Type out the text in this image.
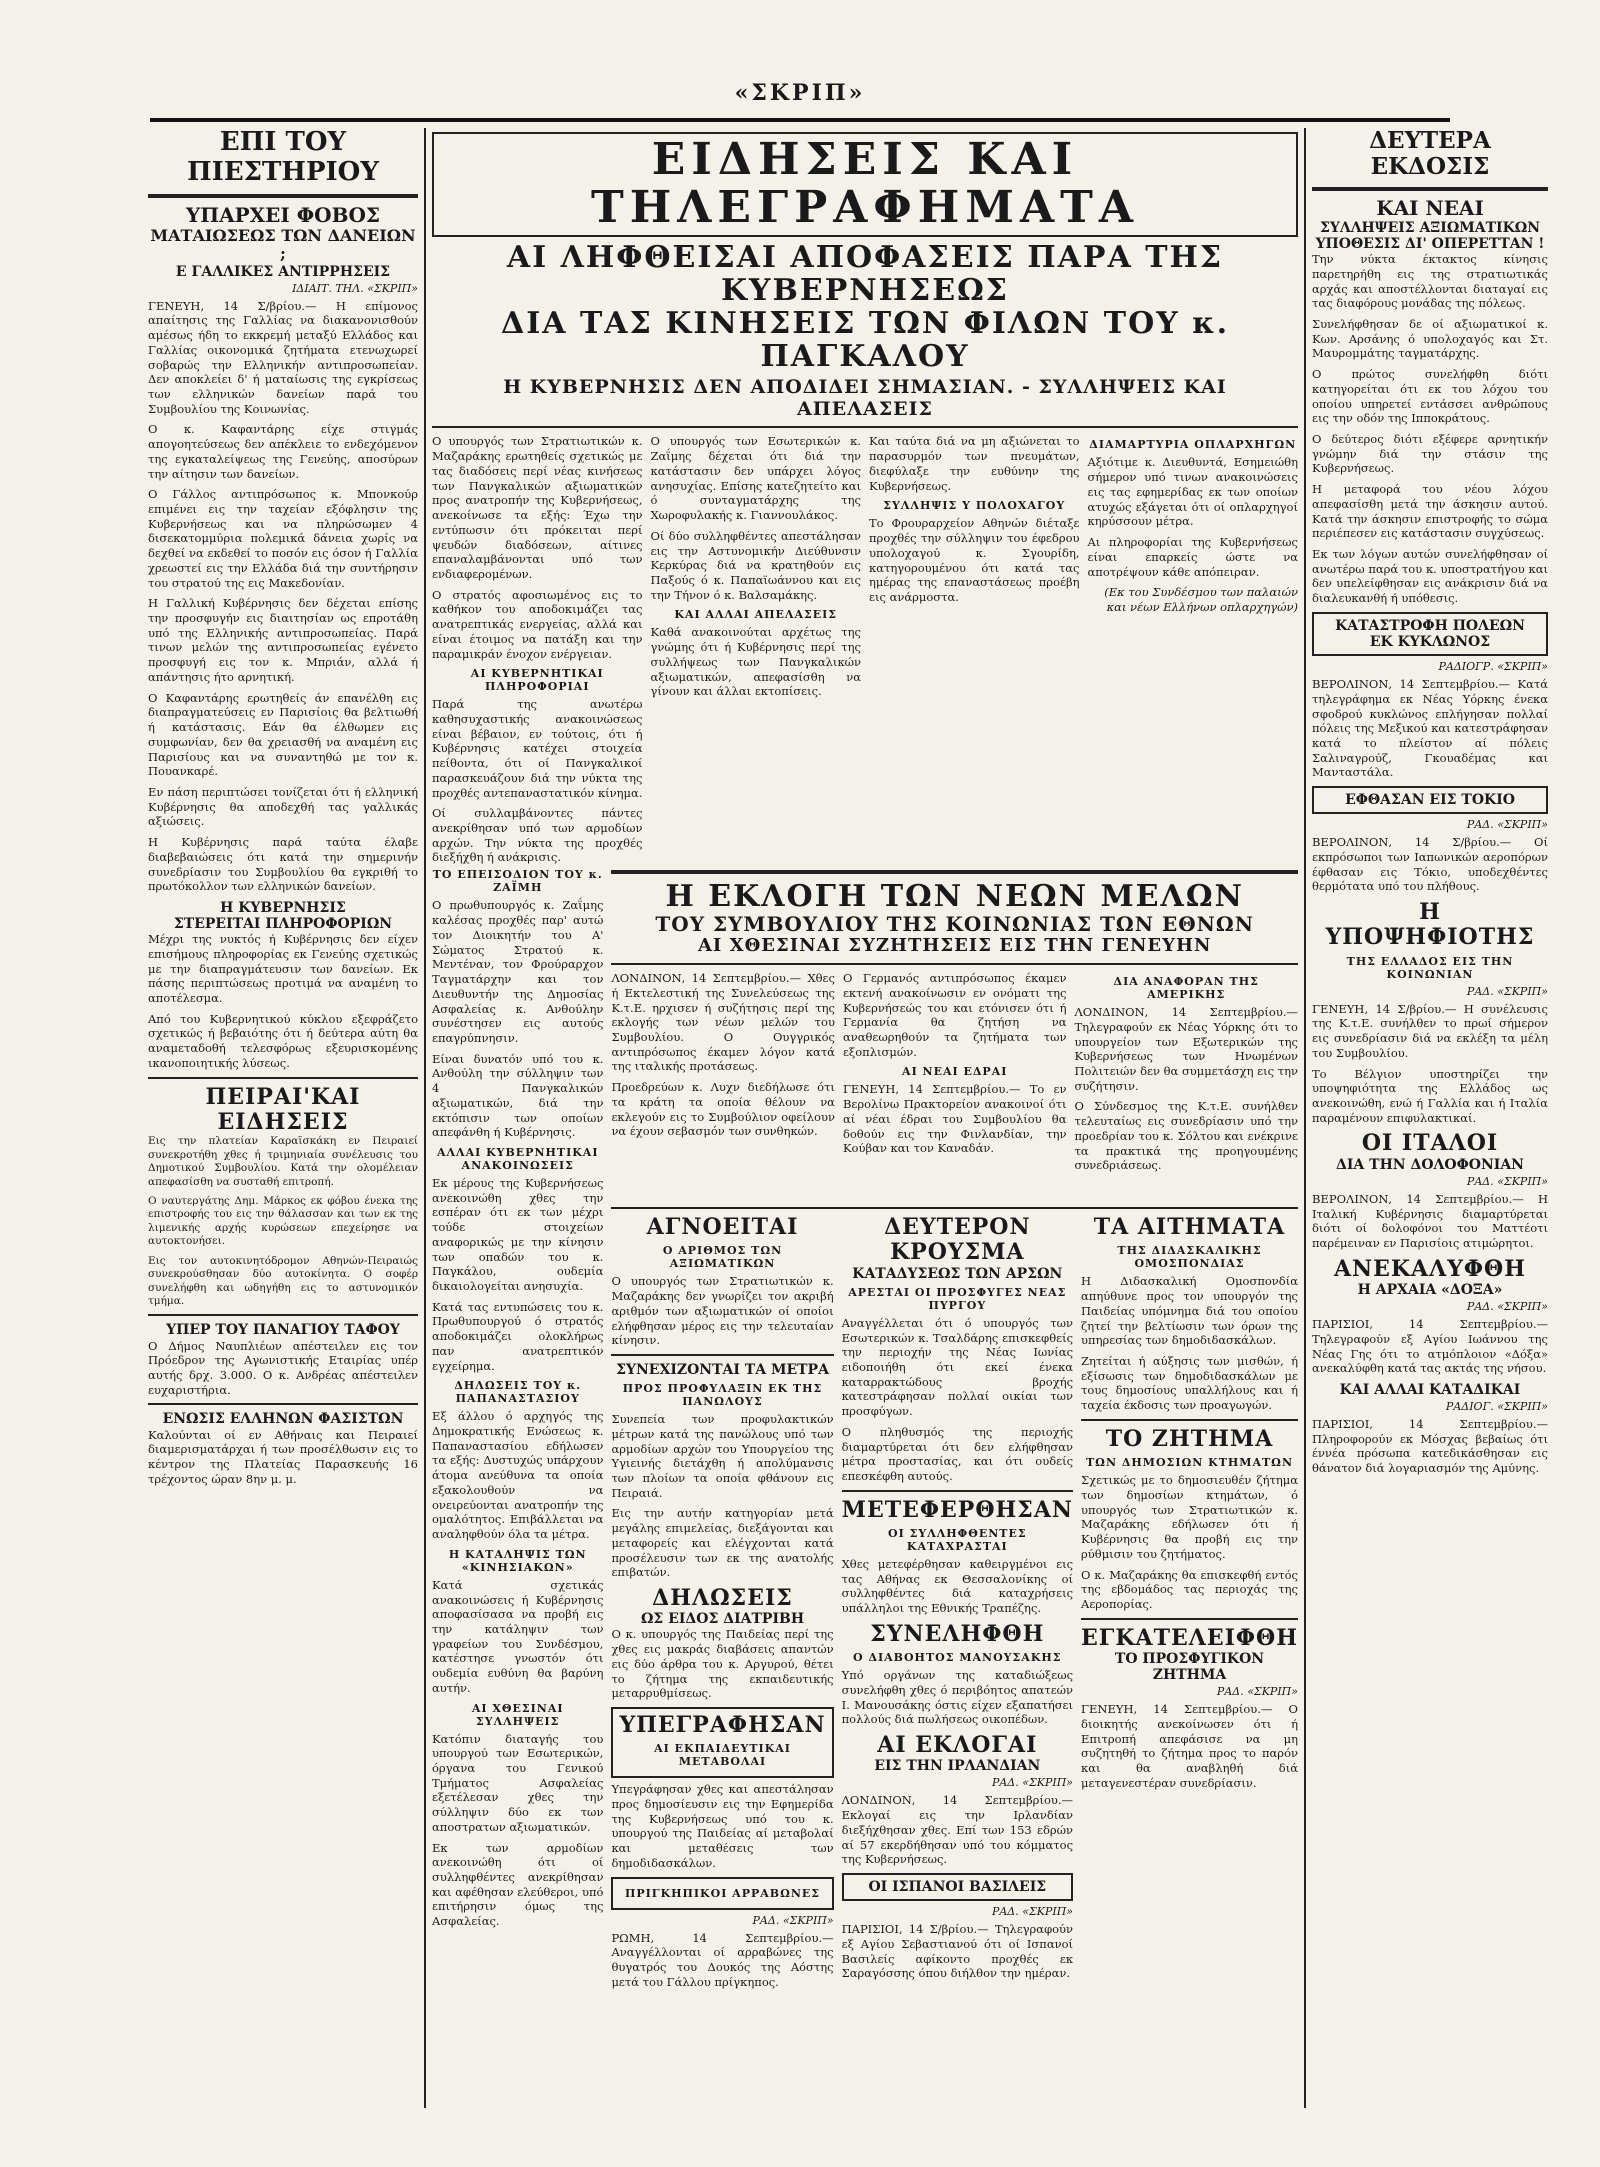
«ΣΚΡΙΠ»
ΕΠΙ ΤΟΥ ΠΙΕΣΤΗΡΙΟΥ
ΥΠΑΡΧΕΙ ΦΟΒΟΣ
ΜΑΤΑΙΩΣΕΩΣ ΤΩΝ ΔΑΝΕΙΩΝ ;
Ε ΓΑΛΛΙΚΕΣ ΑΝΤΙΡΡΗΣΕΙΣ
ΙΔΙΑΙΤ. ΤΗΛ. «ΣΚΡΙΠ»

ΓΕΝΕΥΗ, 14 Σ/βρίου.— Η επίμονος απαίτησις της Γαλλίας να διακανονισθούν αμέσως ήδη το εκκρεμή μεταξύ Ελλάδος και Γαλλίας οικονομικά ζητήματα ετενωχωρεί σοβαρώς την Ελληνικήν αντιπροσωπείαν. Δεν αποκλείει δ' ή ματαίωσις της εγκρίσεως των ελληνικών δανείων παρά του Συμβουλίου της Κοινωνίας.

Ο κ. Καφαντάρης είχε στιγμάς απογοητεύσεως δεν απέκλειε το ενδεχόμενον της εγκαταλείψεως της Γενεύης, αποσύρων την αίτησιν των δανείων.

Ο Γάλλος αντιπρόσωπος κ. Μπονκούρ επιμένει εις την ταχείαν εξόφλησιν της Κυβερνήσεως και να πληρώσωμεν 4 δισεκατομμύρια πολεμικά δάνεια χωρίς να δεχθεί να εκδεθεί το ποσόν εις όσον ή Γαλλία χρεωστεί εις την Ελλάδα διά την συντήρησιν του στρατού της εις Μακεδονίαν.

Η Γαλλική Κυβέρνησις δεν δέχεται επίσης την προσφυγήν εις διαιτησίαν ως επροτάθη υπό της Ελληνικής αντιπροσωπείας. Παρά τινων μελών της αντιπροσωπείας εγένετο προσφυγή εις τον κ. Μπριάν, αλλά ή απάντησις ήτο αρνητική.

Ο Καφαντάρης ερωτηθείς άν επανέλθη εις διαπραγματεύσεις εν Παρισίοις θα βελτιωθή ή κατάστασις. Εάν θα έλθωμεν εις συμφωνίαν, δεν θα χρειασθή να αναμένη εις Παρισίους και να συναντηθώ με τον κ. Πουανκαρέ.

Εν πάση περιπτώσει τονίζεται ότι ή ελληνική Κυβέρνησις θα αποδεχθή τας γαλλικάς αξιώσεις.

Η Κυβέρνησις παρά ταύτα έλαβε διαβεβαιώσεις ότι κατά την σημερινήν συνεδρίασιν του Συμβουλίου θα εγκριθή το πρωτόκολλον των ελληνικών δανείων.

Η ΚΥΒΕΡΝΗΣΙΣ
ΣΤΕΡΕΙΤΑΙ ΠΛΗΡΟΦΟΡΙΩΝ

Μέχρι της νυκτός ή Κυβέρνησις δεν είχεν επισήμους πληροφορίας εκ Γενεύης σχετικώς με την διαπραγμάτευσιν των δανείων. Εκ πάσης περιπτώσεως προτιμά να αναμένη το αποτέλεσμα.

Από του Κυβερνητικού κύκλου εξεφράζετο σχετικώς ή βεβαιότης ότι ή δεύτερα αύτη θα αναμεταδοθή τελεσφόρως εξευρισκομένης ικανοποιητικής λύσεως.

ΠΕΙΡΑΙ'ΚΑΙ ΕΙΔΗΣΕΙΣ

Εις την πλατείαν Καραϊσκάκη εν Πειραιεί συνεκροτήθη χθες ή τριμηνιαία συνέλευσις του Δημοτικού Συμβουλίου. Κατά την ολομέλειαν απεφασίσθη να συσταθή επιτροπή.

Ο ναυτεργάτης Δημ. Μάρκος εκ φόβου ένεκα της επιστροφής του εις την θάλασσαν και των εκ της λιμενικής αρχής κυρώσεων επεχείρησε να αυτοκτονήσει.

Εις τον αυτοκινητόδρομον Αθηνών-Πειραιώς συνεκρούσθησαν δύο αυτοκίνητα. Ο σοφέρ συνελήφθη και ωδηγήθη εις το αστυνομικόν τμήμα.

ΥΠΕΡ ΤΟΥ ΠΑΝΑΓΙΟΥ ΤΑΦΟΥ

Ο Δήμος Ναυπλιέων απέστειλεν εις τον Πρόεδρον της Αγωνιστικής Εταιρίας υπέρ αυτής δρχ. 3.000. Ο κ. Ανδρέας απέστειλεν ευχαριστήρια.

ΕΝΩΣΙΣ ΕΛΛΗΝΩΝ ΦΑΣΙΣΤΩΝ

Καλούνται οί εν Αθήναις και Πειραιεί διαμερισματάρχαι ή των προσέλθωσιν εις το κέντρον της Πλατείας Παρασκευής 16 τρέχοντος ώραν 8ην μ. μ.

ΕΙΔΗΣΕΙΣ ΚΑΙ ΤΗΛΕΓΡΑΦΗΜΑΤΑ
ΑΙ ΛΗΦΘΕΙΣΑΙ ΑΠΟΦΑΣΕΙΣ ΠΑΡΑ ΤΗΣ ΚΥΒΕΡΝΗΣΕΩΣ
ΔΙΑ ΤΑΣ ΚΙΝΗΣΕΙΣ ΤΩΝ ΦΙΛΩΝ ΤΟΥ κ. ΠΑΓΚΑΛΟΥ
Η ΚΥΒΕΡΝΗΣΙΣ ΔΕΝ ΑΠΟΔΙΔΕΙ ΣΗΜΑΣΙΑΝ. - ΣΥΛΛΗΨΕΙΣ ΚΑΙ ΑΠΕΛΑΣΕΙΣ

Ο υπουργός των Στρατιωτικών κ. Μαζαράκης ερωτηθείς σχετικώς με τας διαδόσεις περί νέας κινήσεως των Πανγκαλικών αξιωματικών προς ανατροπήν της Κυβερνήσεως, ανεκοίνωσε τα εξής: Έχω την εντύπωσιν ότι πρόκειται περί ψευδών διαδόσεων, αίτινες επαναλαμβάνονται υπό των ενδιαφερομένων.

Ο στρατός αφοσιωμένος εις το καθήκον του αποδοκιμάζει τας ανατρεπτικάς ενεργείας, αλλά και είναι έτοιμος να πατάξη και την παραμικράν ένοχον ενέργειαν.

ΑΙ ΚΥΒΕΡΝΗΤΙΚΑΙ ΠΛΗΡΟΦΟΡΙΑΙ

Παρά της ανωτέρω καθησυχαστικής ανακοινώσεως είναι βέβαιον, εν τούτοις, ότι ή Κυβέρνησις κατέχει στοιχεία πείθοντα, ότι οί Πανγκαλικοί παρασκευάζουν διά την νύκτα της προχθές αντεπαναστατικόν κίνημα.

Οί συλλαμβάνοντες πάντες ανεκρίθησαν υπό των αρμοδίων αρχών. Την νύκτα της προχθές διεξήχθη ή ανάκρισις.

Ο υπουργός των Εσωτερικών κ. Ζαΐμης δέχεται ότι διά την κατάστασιν δεν υπάρχει λόγος ανησυχίας. Επίσης κατεζητείτο και ό συνταγματάρχης της Χωροφυλακής κ. Γιαννουλάκος.

Οί δύο συλληφθέντες απεστάλησαν εις την Αστυνομικήν Διεύθυνσιν Κερκύρας διά να κρατηθούν εις Παξούς ό κ. Παπαϊωάννου και εις την Τήνον ό κ. Βαλσαμάκης.

ΚΑΙ ΑΛΛΑΙ ΑΠΕΛΑΣΕΙΣ

Καθά ανακοινούται αρχέτως της γνώμης ότι ή Κυβέρνησις περί της συλλήψεως των Πανγκαλικών αξιωματικών, απεφασίσθη να γίνουν και άλλαι εκτοπίσεις.

Και ταύτα διά να μη αξιώνεται το παρασυρμόν των πνευμάτων, διεφύλαξε την ευθύνην της Κυβερνήσεως.

ΣΥΛΛΗΨΙΣ Υ ΠΟΛΟΧΑΓΟΥ

Το Φρουραρχείον Αθηνών διέταξε προχθές την σύλληψιν του έφεδρου υπολοχαγού κ. Σγουρίδη, κατηγορουμένου ότι κατά τας ημέρας της επαναστάσεως προέβη εις ανάρμοστα.

ΔΙΑΜΑΡΤΥΡΙΑ ΟΠΛΑΡΧΗΓΩΝ

Αξιότιμε κ. Διευθυντά, Εσημειώθη σήμερον υπό τινων ανακοινώσεις εις τας εφημερίδας εκ των οποίων ατυχώς εξάγεται ότι οί οπλαρχηγοί κηρύσσουν μέτρα.

Αι πληροφορίαι της Κυβερνήσεως είναι επαρκείς ώστε να αποτρέψουν κάθε απόπειραν.

(Εκ του Συνδέσμου των παλαιών και νέων Ελλήνων οπλαρχηγών)

ΤΟ ΕΠΕΙΣΟΔΙΟΝ ΤΟΥ κ. ΖΑΪΜΗ

Ο πρωθυπουργός κ. Ζαΐμης καλέσας προχθές παρ' αυτώ τον Διοικητήν του Α' Σώματος Στρατού κ. Μεντέναν, τον Φρούραρχον Ταγματάρχην και τον Διευθυντήν της Δημοσίας Ασφαλείας κ. Ανθούλην συνέστησεν εις αυτούς επαγρύπνησιν.

Είναι δυνατόν υπό του κ. Ανθούλη την σύλληψιν των 4 Πανγκαλικών αξιωματικών, διά την εκτόπισιν των οποίων απεφάνθη ή Κυβέρνησις.

ΑΛΛΑΙ ΚΥΒΕΡΝΗΤΙΚΑΙ ΑΝΑΚΟΙΝΩΣΕΙΣ

Εκ μέρους της Κυβερνήσεως ανεκοινώθη χθες την εσπέραν ότι εκ των μέχρι τούδε στοιχείων αναφορικώς με την κίνησιν των οπαδών του κ. Παγκάλου, ουδεμία δικαιολογείται ανησυχία.

Κατά τας εντυπώσεις του κ. Πρωθυπουργού ό στρατός αποδοκιμάζει ολοκλήρως παν ανατρεπτικόν εγχείρημα.

ΔΗΛΩΣΕΙΣ ΤΟΥ κ. ΠΑΠΑΝΑΣΤΑΣΙΟΥ

Εξ άλλου ό αρχηγός της Δημοκρατικής Ενώσεως κ. Παπαναστασίου εδήλωσεν τα εξής: Δυστυχώς υπάρχουν άτομα ανεύθυνα τα οποία εξακολουθούν να ονειρεύονται ανατροπήν της ομαλότητος. Επιβάλλεται να αναληφθούν όλα τα μέτρα.

Η ΚΑΤΑΛΗΨΙΣ ΤΩΝ «ΚΙΝΗΣΙΑΚΩΝ»

Κατά σχετικάς ανακοινώσεις ή Κυβέρνησις αποφασίσασα να προβή εις την κατάληψιν των γραφείων του Συνδέσμου, κατέστησε γνωστόν ότι ουδεμία ευθύνη θα βαρύνη αυτήν.

ΑΙ ΧΘΕΣΙΝΑΙ ΣΥΛΛΗΨΕΙΣ

Κατόπιν διαταγής του υπουργού των Εσωτερικών, όργανα του Γενικού Τμήματος Ασφαλείας εξετέλεσαν χθες την σύλληψιν δύο εκ των αποστρατων αξιωματικών.

Εκ των αρμοδίων ανεκοινώθη ότι οί συλληφθέντες ανεκρίθησαν και αφέθησαν ελεύθεροι, υπό επιτήρησιν όμως της Ασφαλείας.

Η ΕΚΛΟΓΗ ΤΩΝ ΝΕΩΝ ΜΕΛΩΝ
ΤΟΥ ΣΥΜΒΟΥΛΙΟΥ ΤΗΣ ΚΟΙΝΩΝΙΑΣ ΤΩΝ ΕΘΝΩΝ
ΑΙ ΧΘΕΣΙΝΑΙ ΣΥΖΗΤΗΣΕΙΣ ΕΙΣ ΤΗΝ ΓΕΝΕΥΗΝ

ΛΟΝΔΙΝΟΝ, 14 Σεπτεμβρίου.— Χθες ή Εκτελεστική της Συνελεύσεως της Κ.τ.Ε. ηρχισεν ή συζήτησις περί της εκλογής των νέων μελών του Συμβουλίου. Ο Ουγγρικός αντιπρόσωπος έκαμεν λόγον κατά της ιταλικής προτάσεως.

Προεδρεύων κ. Λυχν διεδήλωσε ότι τα κράτη τα οποία θέλουν να εκλεγούν εις το Συμβούλιον οφείλουν να έχουν σεβασμόν των συνθηκών.

Ο Γερμανός αντιπρόσωπος έκαμεν εκτενή ανακοίνωσιν εν ονόματι της Κυβερνήσεώς του και ετόνισεν ότι ή Γερμανία θα ζητήση να αναθεωρηθούν τα ζητήματα των εξοπλισμών.

ΑΙ ΝΕΑΙ ΕΔΡΑΙ

ΓΕΝΕΥΗ, 14 Σεπτεμβρίου.— Το εν Βερολίνω Πρακτορείον ανακοινοί ότι αί νέαι έδραι του Συμβουλίου θα δοθούν εις την Φινλανδίαν, την Κούβαν και τον Καναδάν.

ΔΙΑ ΑΝΑΦΟΡΑΝ ΤΗΣ ΑΜΕΡΙΚΗΣ

ΛΟΝΔΙΝΟΝ, 14 Σεπτεμβρίου.— Τηλεγραφούν εκ Νέας Υόρκης ότι το υπουργείον των Εξωτερικών της Κυβερνήσεως των Ηνωμένων Πολιτειών δεν θα συμμετάσχη εις την συζήτησιν.

Ο Σύνδεσμος της Κ.τ.Ε. συνήλθεν τελευταίως εις συνεδρίασιν υπό την προεδρίαν του κ. Σόλτου και ενέκρινε τα πρακτικά της προηγουμένης συνεδριάσεως.

ΑΓΝΟΕΙΤΑΙ
Ο ΑΡΙΘΜΟΣ ΤΩΝ ΑΞΙΩΜΑΤΙΚΩΝ

Ο υπουργός των Στρατιωτικών κ. Μαζαράκης δεν γνωρίζει τον ακριβή αριθμόν των αξιωματικών οί οποίοι ελήφθησαν μέρος εις την τελευταίαν κίνησιν.

ΣΥΝΕΧΙΖΟΝΤΑΙ ΤΑ ΜΕΤΡΑ
ΠΡΟΣ ΠΡΟΦΥΛΑΞΙΝ ΕΚ ΤΗΣ ΠΑΝΩΛΟΥΣ

Συνεπεία των προφυλακτικών μέτρων κατά της πανώλους υπό των αρμοδίων αρχών του Υπουργείου της Υγιεινής διετάχθη ή απολύμανσις των πλοίων τα οποία φθάνουν εις Πειραιά.

Εις την αυτήν κατηγορίαν μετά μεγάλης επιμελείας, διεξάγονται και μεταφορείς και ελέγχονται κατά προσέλευσιν των εκ της ανατολής επιβατών.

ΔΗΛΩΣΕΙΣ
ΩΣ ΕΙΔΟΣ ΔΙΑΤΡΙΒΗ

Ο κ. υπουργός της Παιδείας περί της χθες εις μακράς διαβάσεις απαντών εις δύο άρθρα του κ. Αργυρού, θέτει το ζήτημα της εκπαιδευτικής μεταρρυθμίσεως.

ΥΠΕΓΡΑΦΗΣΑΝ
ΑΙ ΕΚΠΑΙΔΕΥΤΙΚΑΙ ΜΕΤΑΒΟΛΑΙ

Υπεγράφησαν χθες και απεστάλησαν προς δημοσίευσιν εις την Εφημερίδα της Κυβερνήσεως υπό του κ. υπουργού της Παιδείας αί μεταβολαί και μεταθέσεις των δημοδιδασκάλων.

ΠΡΙΓΚΗΠΙΚΟΙ ΑΡΡΑΒΩΝΕΣ
ΡΑΔ. «ΣΚΡΙΠ»

ΡΩΜΗ, 14 Σεπτεμβρίου.— Αναγγέλλονται οί αρραβώνες της θυγατρός του Δουκός της Αόστης μετά του Γάλλου πρίγκηπος.

ΔΕΥΤΕΡΟΝ ΚΡΟΥΣΜΑ
ΚΑΤΑΔΥΣΕΩΣ ΤΩΝ ΑΡΣΩΝ
ΑΡΕΣΤΑΙ ΟΙ ΠΡΟΣΦΥΓΕΣ ΝΕΑΣ ΠΥΡΓΟΥ

Αναγγέλλεται ότι ό υπουργός των Εσωτερικών κ. Τσαλδάρης επισκεφθείς την περιοχήν της Νέας Ιωνίας ειδοποιήθη ότι εκεί ένεκα καταρρακτώδους βροχής κατεστράφησαν πολλαί οικίαι των προσφύγων.

Ο πληθυσμός της περιοχής διαμαρτύρεται ότι δεν ελήφθησαν μέτρα προστασίας, και ότι ουδείς επεσκέφθη αυτούς.

ΜΕΤΕΦΕΡΘΗΣΑΝ
ΟΙ ΣΥΛΛΗΦΘΕΝΤΕΣ ΚΑΤΑΧΡΑΣΤΑΙ

Χθες μετεφέρθησαν καθειργμένοι εις τας Αθήνας εκ Θεσσαλονίκης οί συλληφθέντες διά καταχρήσεις υπάλληλοι της Εθνικής Τραπέζης.

ΣΥΝΕΛΗΦΘΗ
Ο ΔΙΑΒΟΗΤΟΣ ΜΑΝΟΥΣΑΚΗΣ

Υπό οργάνων της καταδιώξεως συνελήφθη χθες ό περιβόητος απατεών Ι. Μανουσάκης όστις είχεν εξαπατήσει πολλούς διά πωλήσεως οικοπέδων.

ΑΙ ΕΚΛΟΓΑΙ
ΕΙΣ ΤΗΝ ΙΡΛΑΝΔΙΑΝ
ΡΑΔ. «ΣΚΡΙΠ»

ΛΟΝΔΙΝΟΝ, 14 Σεπτεμβρίου.— Εκλογαί εις την Ιρλανδίαν διεξήχθησαν χθες. Επί των 153 εδρών αί 57 εκερδήθησαν υπό του κόμματος της Κυβερνήσεως.

ΟΙ ΙΣΠΑΝΟΙ ΒΑΣΙΛΕΙΣ
ΡΑΔ. «ΣΚΡΙΠ»

ΠΑΡΙΣΙΟΙ, 14 Σ/βρίου.— Τηλεγραφούν εξ Αγίου Σεβαστιανού ότι οί Ισπανοί Βασιλείς αφίκοντο προχθές εκ Σαραγόσσης όπου διήλθον την ημέραν.

ΤΑ ΑΙΤΗΜΑΤΑ
ΤΗΣ ΔΙΔΑΣΚΑΛΙΚΗΣ ΟΜΟΣΠΟΝΔΙΑΣ

Η Διδασκαλική Ομοσπονδία απηύθυνε προς τον υπουργόν της Παιδείας υπόμνημα διά του οποίου ζητεί την βελτίωσιν των όρων της υπηρεσίας των δημοδιδασκάλων.

Ζητείται ή αύξησις των μισθών, ή εξίσωσις των δημοδιδασκάλων με τους δημοσίους υπαλλήλους και ή ταχεία έκδοσις των προαγωγών.

ΤΟ ΖΗΤΗΜΑ
ΤΩΝ ΔΗΜΟΣΙΩΝ ΚΤΗΜΑΤΩΝ

Σχετικώς με το δημοσιευθέν ζήτημα των δημοσίων κτημάτων, ό υπουργός των Στρατιωτικών κ. Μαζαράκης εδήλωσεν ότι ή Κυβέρνησις θα προβή εις την ρύθμισιν του ζητήματος.

Ο κ. Μαζαράκης θα επισκεφθή εντός της εβδομάδος τας περιοχάς της Αεροπορίας.

ΕΓΚΑΤΕΛΕΙΦΘΗ
ΤΟ ΠΡΟΣΦΥΓΙΚΟΝ ΖΗΤΗΜΑ
ΡΑΔ. «ΣΚΡΙΠ»

ΓΕΝΕΥΗ, 14 Σεπτεμβρίου.— Ο διοικητής ανεκοίνωσεν ότι ή Επιτροπή απεφάσισε να μη συζητηθή το ζήτημα προς το παρόν και θα αναβληθή διά μεταγενεστέραν συνεδρίασιν.

ΔΕΥΤΕΡΑ ΕΚΔΟΣΙΣ
ΚΑΙ ΝΕΑΙ
ΣΥΛΛΗΨΕΙΣ ΑΞΙΩΜΑΤΙΚΩΝ
ΥΠΟΘΕΣΙΣ ΔΙ' ΟΠΕΡΕΤΤΑΝ !

Την νύκτα έκτακτος κίνησις παρετηρήθη εις της στρατιωτικάς αρχάς και αποστέλλονται διαταγαί εις τας διαφόρους μονάδας της πόλεως.

Συνελήφθησαν δε οί αξιωματικοί κ. Κων. Αρσάνης ό υπολοχαγός και Στ. Μαυρομμάτης ταγματάρχης.

Ο πρώτος συνελήφθη διότι κατηγορείται ότι εκ του λόχου του οποίου υπηρετεί εντάσσει ανθρώπους εις την οδόν της Ιπποκράτους.

Ο δεύτερος διότι εξέφερε αρνητικήν γνώμην διά την στάσιν της Κυβερνήσεως.

Η μεταφορά του νέου λόχου απεφασίσθη μετά την άσκησιν αυτού. Κατά την άσκησιν επιστροφής το σώμα περιέπεσεν εις κατάστασιν συγχύσεως.

Εκ των λόγων αυτών συνελήφθησαν οί ανωτέρω παρά του κ. υποστρατήγου και δεν υπελείφθησαν εις ανάκρισιν διά να διαλευκανθή ή υπόθεσις.

ΚΑΤΑΣΤΡΟΦΗ ΠΟΛΕΩΝ
ΕΚ ΚΥΚΛΩΝΟΣ
ΡΑΔΙΟΓΡ. «ΣΚΡΙΠ»

ΒΕΡΟΛΙΝΟΝ, 14 Σεπτεμβρίου.— Κατά τηλεγράφημα εκ Νέας Υόρκης ένεκα σφοδρού κυκλώνος επλήγησαν πολλαί πόλεις της Μεξικού και κατεστράφησαν κατά το πλείστον αί πόλεις Σαλιναγρούζ, Γκουαδέμας και Μανταστάλα.

ΕΦΘΑΣΑΝ ΕΙΣ ΤΟΚΙΟ
ΡΑΔ. «ΣΚΡΙΠ»

ΒΕΡΟΛΙΝΟΝ, 14 Σ/βρίου.— Οί εκπρόσωποι των Ιαπωνικών αεροπόρων έφθασαν εις Τόκιο, υποδεχθέντες θερμότατα υπό του πλήθους.

Η ΥΠΟΨΗΦΙΟΤΗΣ
ΤΗΣ ΕΛΛΑΔΟΣ ΕΙΣ ΤΗΝ ΚΟΙΝΩΝΙΑΝ
ΡΑΔ. «ΣΚΡΙΠ»

ΓΕΝΕΥΗ, 14 Σ/βρίου.— Η συνέλευσις της Κ.τ.Ε. συνήλθεν το πρωί σήμερον εις συνεδρίασιν διά να εκλέξη τα μέλη του Συμβουλίου.

Το Βέλγιον υποστηρίζει την υποψηφιότητα της Ελλάδος ως ανεκοινώθη, ενώ ή Γαλλία και ή Ιταλία παραμένουν επιφυλακτικαί.

ΟΙ ΙΤΑΛΟΙ
ΔΙΑ ΤΗΝ ΔΟΛΟΦΟΝΙΑΝ
ΡΑΔ. «ΣΚΡΙΠ»

ΒΕΡΟΛΙΝΟΝ, 14 Σεπτεμβρίου.— Η Ιταλική Κυβέρνησις διαμαρτύρεται διότι οί δολοφόνοι του Ματτέοτι παρέμειναν εν Παρισίοις ατιμώρητοι.

ΑΝΕΚΑΛΥΦΘΗ
Η ΑΡΧΑΙΑ «ΔΟΞΑ»
ΡΑΔ. «ΣΚΡΙΠ»

ΠΑΡΙΣΙΟΙ, 14 Σεπτεμβρίου.— Τηλεγραφούν εξ Αγίου Ιωάννου της Νέας Γης ότι το ατμόπλοιον «Δόξα» ανεκαλύφθη κατά τας ακτάς της νήσου.

ΚΑΙ ΑΛΛΑΙ ΚΑΤΑΔΙΚΑΙ
ΡΑΔΙΟΓ. «ΣΚΡΙΠ»

ΠΑΡΙΣΙΟΙ, 14 Σεπτεμβρίου.— Πληροφορούν εκ Μόσχας βεβαίως ότι έννέα πρόσωπα κατεδικάσθησαν εις θάνατον διά λογαριασμόν της Αμύνης.
